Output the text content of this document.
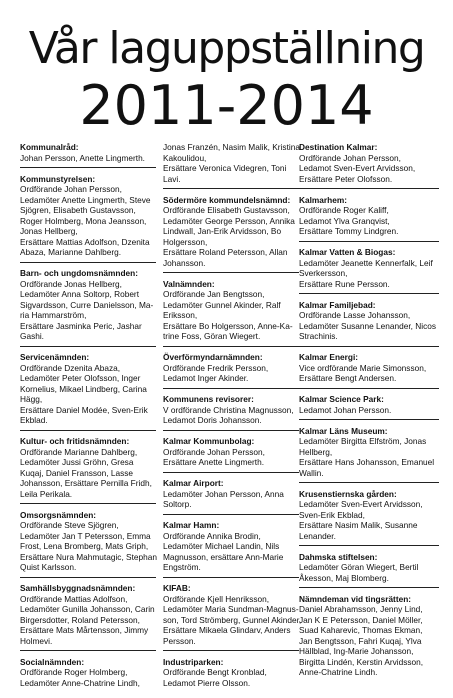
Vår laguppställning
2011-2014
Kommunalråd:
Johan Persson, Anette Lingmerth.
Kommunstyrelsen:
Ordförande Johan Persson,
Ledamöter Anette Lingmerth, Steve
Sjögren, Elisabeth Gustavsson,
Roger Holmberg, Mona Jeansson,
Jonas Hellberg,
Ersättare Mattias Adolfson, Dzenita
Abaza, Marianne Dahlberg.
Barn- och ungdomsnämnden:
Ordförande Jonas Hellberg,
Ledamöter Anna Soltorp, Robert
Sigvardsson, Curre Danielsson, Ma-
ria Hammarström,
Ersättare Jasminka Peric, Jashar
Gashi.
Servicenämnden:
Ordförande Dzenita Abaza,
Ledamöter Peter Olofsson, Inger
Kornelius, Mikael Lindberg, Carina
Hägg,
Ersättare Daniel Modée, Sven-Erik
Ekblad.
Kultur- och fritidsnämnden:
Ordförande Marianne Dahlberg,
Ledamöter Jussi Gröhn, Gresa
Kuqaj, Daniel Fransson, Lasse
Johansson, Ersättare Pernilla Fridh,
Leila Perikala.
Omsorgsnämnden:
Ordförande Steve Sjögren,
Ledamöter Jan T Petersson, Emma
Frost, Lena Bromberg, Mats Griph,
Ersättare Nura Mahmutagic, Stephan
Quist Karlsson.
Samhällsbyggnadsnämnden:
Ordförande Mattias Adolfson,
Ledamöter Gunilla Johansson, Carin
Birgersdotter, Roland Petersson,
Ersättare Mats Mårtensson, Jimmy
Holmevi.
Socialnämnden:
Ordförande Roger Holmberg,
Ledamöter Anne-Chatrine Lindh,
Jonas Franzén, Nasim Malik, Kristina
Kakoulidou,
Ersättare Veronica Videgren, Toni
Lavi.
Södermöre kommundelsnämnd:
Ordförande Elisabeth Gustavsson,
Ledamöter George Persson, Annika
Lindwall, Jan-Erik Arvidsson, Bo
Holgersson,
Ersättare Roland Petersson, Allan
Johansson.
Valnämnden:
Ordförande Jan Bengtsson,
Ledamöter Gunnel Akinder, Ralf
Eriksson,
Ersättare Bo Holgersson, Anne-Ka-
trine Foss, Göran Wiegert.
Överförmyndarnämnden:
Ordförande Fredrik Persson,
Ledamot Inger Akinder.
Kommunens revisorer:
V ordförande Christina Magnusson,
Ledamot Doris Johansson.
Kalmar Kommunbolag:
Ordförande Johan Persson,
Ersättare Anette Lingmerth.
Kalmar Airport:
Ledamöter Johan Persson, Anna
Soltorp.
Kalmar Hamn:
Ordförande Annika Brodin,
Ledamöter Michael Landin, Nils
Magnusson, ersättare Ann-Marie
Engström.
KIFAB:
Ordförande Kjell Henriksson,
Ledamöter Maria Sundman-Magnus-
son, Tord Strömberg, Gunnel Akinder,
Ersättare Mikaela Glindarv, Anders
Persson.
Industriparken:
Ordförande Bengt Kronblad,
Ledamot Pierre Olsson.
Destination Kalmar:
Ordförande Johan Persson,
Ledamot Sven-Evert Arvidsson,
Ersättare Peter Olofsson.
Kalmarhem:
Ordförande Roger Kaliff,
Ledamot Ylva Granqvist,
Ersättare Tommy Lindgren.
Kalmar Vatten & Biogas:
Ledamöter Jeanette Kennerfalk, Leif
Sverkersson,
Ersättare Rune Persson.
Kalmar Familjebad:
Ordförande Lasse Johansson,
Ledamöter Susanne Lenander, Nicos
Strachinis.
Kalmar Energi:
Vice ordförande Marie Simonsson,
Ersättare Bengt Andersen.
Kalmar Science Park:
Ledamot Johan Persson.
Kalmar Läns Museum:
Ledamöter Birgitta Elfström, Jonas
Hellberg,
Ersättare Hans Johansson, Emanuel
Wallin.
Krusenstiernska gården:
Ledamöter Sven-Evert Arvidsson,
Sven-Erik Ekblad,
Ersättare Nasim Malik, Susanne
Lenander.
Dahmska stiftelsen:
Ledamöter Göran Wiegert, Bertil
Åkesson, Maj Blomberg.
Nämndeman vid tingsrätten:
Daniel Abrahamsson, Jenny Lind,
Jan K E Petersson, Daniel Möller,
Suad Kaharevic, Thomas Ekman,
Jan Bengtsson, Fahri Kuqaj, Ylva
Hällblad, Ing-Marie Johansson,
Birgitta Lindén, Kerstin Arvidsson,
Anne-Chatrine Lindh.
